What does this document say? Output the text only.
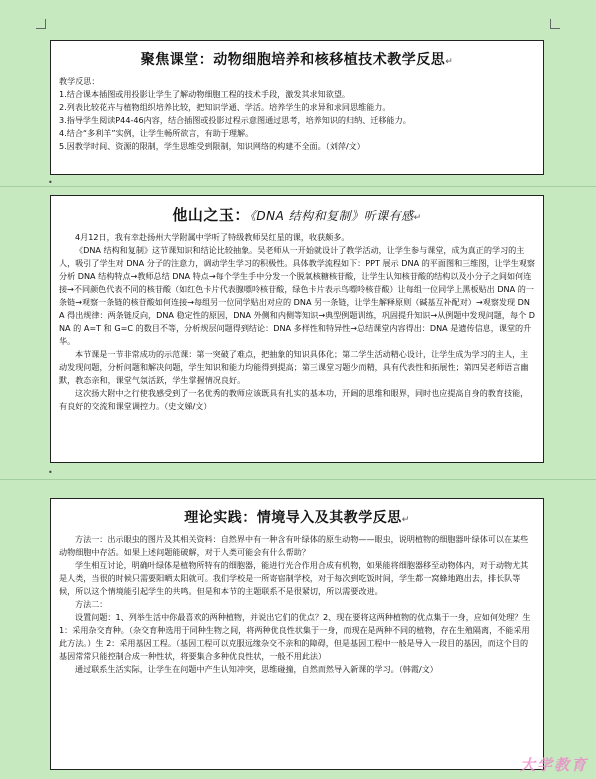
•
•
聚焦课堂：动物细胞培养和核移植技术教学反思↵

教学反思：

1.结合课本插图或用投影让学生了解动物细胞工程的技术手段，激发其求知欲望。

2.列表比较花卉与植物组织培养比较，把知识学通、学活。培养学生的求异和求同思维能力。

3.指导学生阅读P44-46内容，结合插图或投影过程示意图通过思考，培养知识的归纳、迁移能力。

4.结合“多利羊”实例，让学生畅所欲言，有助于理解。

5.因教学时间、资源的限制，学生思维受到限制，知识网络的构建不全面。（刘萍/文）

他山之玉：《DNA 结构和复制》听课有感↵

4月12日，我有幸赴扬州大学附属中学听了特级教师吴红星的课，收获颇多。

《DNA 结构和复制》这节课知识和结论比较抽象。吴老师从一开始就设计了教学活动，让学生参与课堂，成为真正的学习的主人，吸引了学生对 DNA 分子的注意力，调动学生学习的积极性。具体教学流程如下：PPT 展示 DNA 的平面图和三维图，让学生观察分析 DNA 结构特点→教师总结 DNA 特点→每个学生手中分发一个脱氧核糖核苷酸，让学生认知核苷酸的结构以及小分子之间如何连接→不同颜色代表不同的核苷酸（如红色卡片代表腺嘌呤核苷酸，绿色卡片表示鸟嘌呤核苷酸）让每组一位同学上黑板贴出 DNA 的一条链→观察一条链的核苷酸如何连接→每组另一位同学贴出对应的 DNA 另一条链，让学生解释原则（碱基互补配对）→观察发现 DNA 得出规律：两条链反向，DNA 稳定性的原因，DNA 外侧和内侧等知识→典型例题训练，巩固提升知识→从例题中发现问题，每个 DNA 的 A=T 和 G=C 的数目不等，分析规层问题得到结论：DNA 多样性和特异性→总结课堂内容得出：DNA 是遗传信息，课堂的升华。

本节课是一节非常成功的示范课：第一突破了难点，把抽象的知识具体化；第二学生活动精心设计，让学生成为学习的主人，主动发现问题，分析问题和解决问题，学生知识和能力均能得到提高；第三课堂习题少而精，具有代表性和拓展性；第四吴老师语言幽默，教态亲和，课堂气氛活跃，学生掌握情况良好。

这次扬大附中之行使我感受到了一名优秀的教师应该既具有扎实的基本功，开阔的思维和眼界，同时也应提高自身的教育技能，有良好的交流和课堂调控力。（史文娣/文）

理论实践：情境导入及其教学反思↵

方法一：出示眼虫的图片及其相关资料：自然界中有一种含有叶绿体的原生动物——眼虫，说明植物的细胞器叶绿体可以在某些动物细胞中存活。如果上述问题能破解，对于人类可能会有什么帮助？

学生相互讨论，明确叶绿体是植物所特有的细胞器，能进行光合作用合成有机物，如果能将细胞器移至动物体内，对于动物尤其是人类，当很的时候只需要阳晒太阳就可。我们学校是一所寄宿制学校，对于每次到吃饭时间，学生都一窝蜂地跑出去，排长队等候，所以这个情境能引起学生的共鸣。但是和本节的主题联系不是很紧切，所以需要改进。

方法二：

设置问题：1、列举生活中你最喜欢的两种植物，并说出它们的优点？2、现在要将这两种植物的优点集于一身，应如何处理？生 1：采用杂交育种。（杂交育种选用于同种生物之间，将两种优良性状集于一身，而现在是两种不同的植物，存在生殖隔离，不能采用此方法。）生 2：采用基因工程。（基因工程可以克服远缘杂交不亲和的障碍，但是基因工程中一般是导入一段目的基因，而这个目的基因常常只能控制合成一种性状，将要集合多种优良性状，一般不用此法）

通过联系生活实际，让学生在问题中产生认知冲突，思维碰撞，自然而然导入新课的学习。（韩霞/文）

大学教育
